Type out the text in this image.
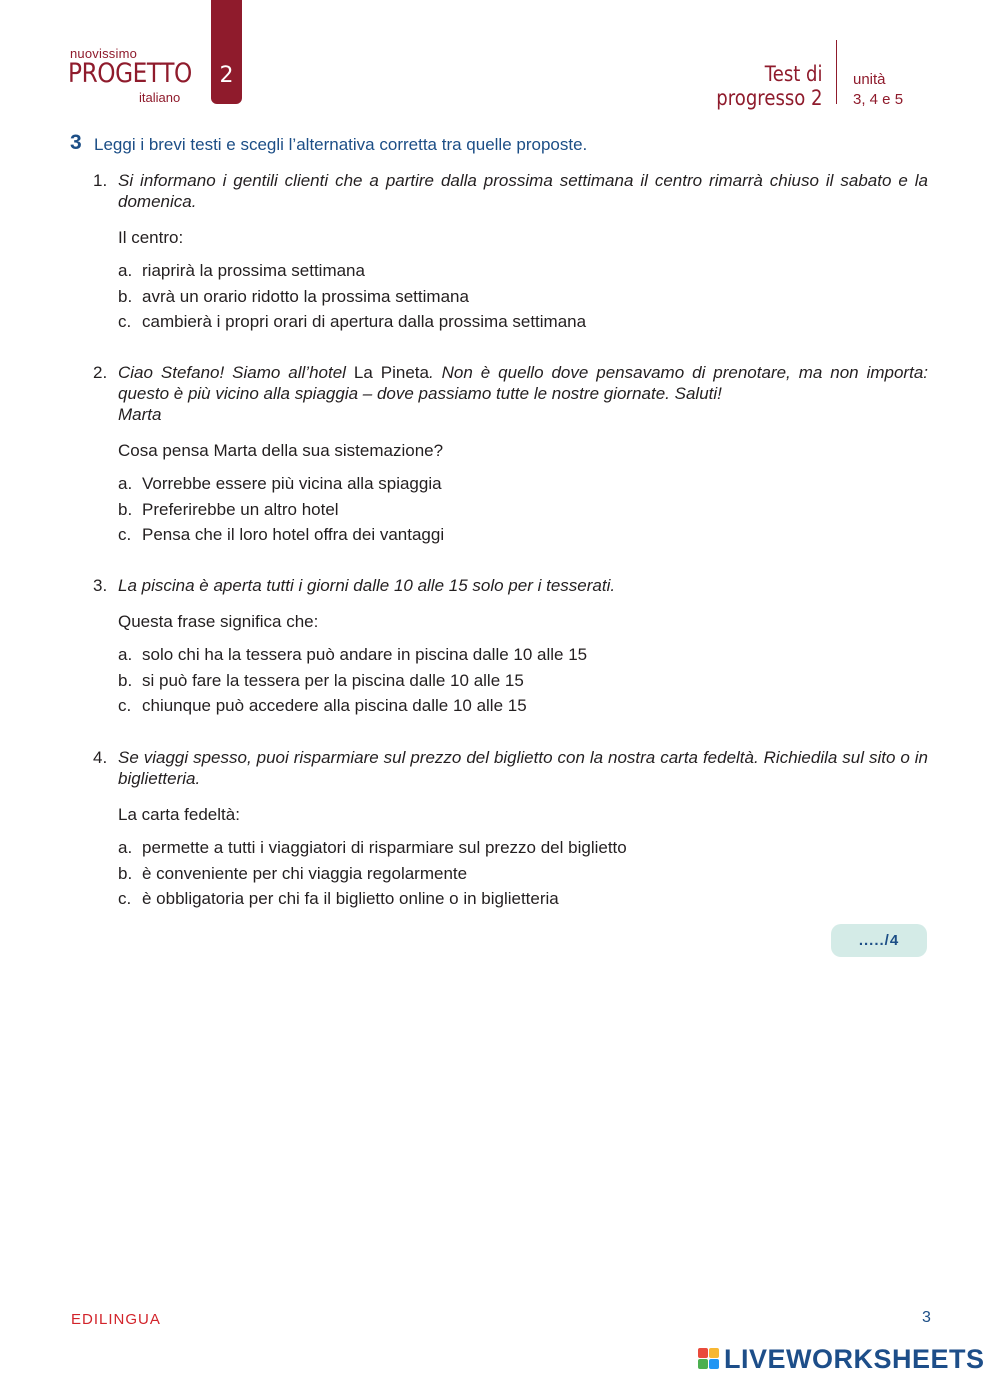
nuovissimo
PROGETTO
italiano
2	Test di
progresso 2
unità
3, 4 e 5
3 Leggi i brevi testi e scegli l’alternativa corretta tra quelle proposte.
1. Si informano i gentili clienti che a partire dalla prossima settimana il centro rimarrà chiuso il sabato e la domenica.
Il centro:
a. riaprirà la prossima settimana
b. avrà un orario ridotto la prossima settimana
c. cambierà i propri orari di apertura dalla prossima settimana
2. Ciao Stefano! Siamo all’hotel La Pineta. Non è quello dove pensavamo di prenotare, ma non importa: questo è più vicino alla spiaggia – dove passiamo tutte le nostre giornate. Saluti!
Marta
Cosa pensa Marta della sua sistemazione?
a. Vorrebbe essere più vicina alla spiaggia
b. Preferirebbe un altro hotel
c. Pensa che il loro hotel offra dei vantaggi
3. La piscina è aperta tutti i giorni dalle 10 alle 15 solo per i tesserati.
Questa frase significa che:
a. solo chi ha la tessera può andare in piscina dalle 10 alle 15
b. si può fare la tessera per la piscina dalle 10 alle 15
c. chiunque può accedere alla piscina dalle 10 alle 15
4. Se viaggi spesso, puoi risparmiare sul prezzo del biglietto con la nostra carta fedeltà. Richiedila sul sito o in biglietteria.
La carta fedeltà:
a. permette a tutti i viaggiatori di risparmiare sul prezzo del biglietto
b. è conveniente per chi viaggia regolarmente
c. è obbligatoria per chi fa il biglietto online o in biglietteria
...../4
EDILINGUA	3
LIVEWORKSHEETS
